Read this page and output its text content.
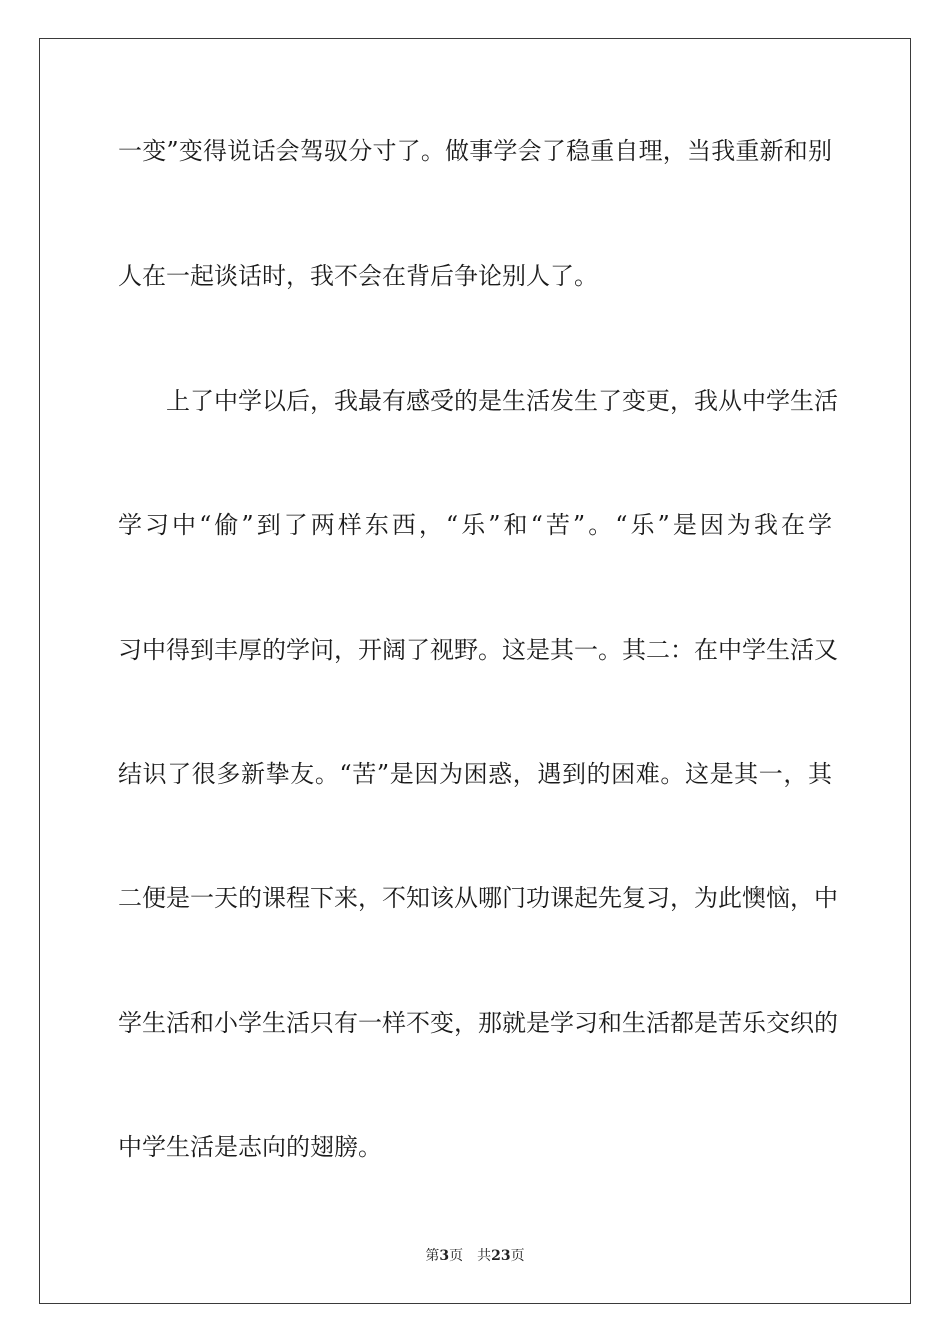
一变”变得说话会驾驭分寸了。做事学会了稳重自理，当我重新和别
人在一起谈话时，我不会在背后争论别人了。
上了中学以后，我最有感受的是生活发生了变更，我从中学生活
学习中“偷”到了两样东西，“乐”和“苦”。“乐”是因为我在学
习中得到丰厚的学问，开阔了视野。这是其一。其二：在中学生活又
结识了很多新挚友。“苦”是因为困惑，遇到的困难。这是其一，其
二便是一天的课程下来，不知该从哪门功课起先复习，为此懊恼，中
学生活和小学生活只有一样不变，那就是学习和生活都是苦乐交织的
中学生活是志向的翅膀。
第3页 共23页
